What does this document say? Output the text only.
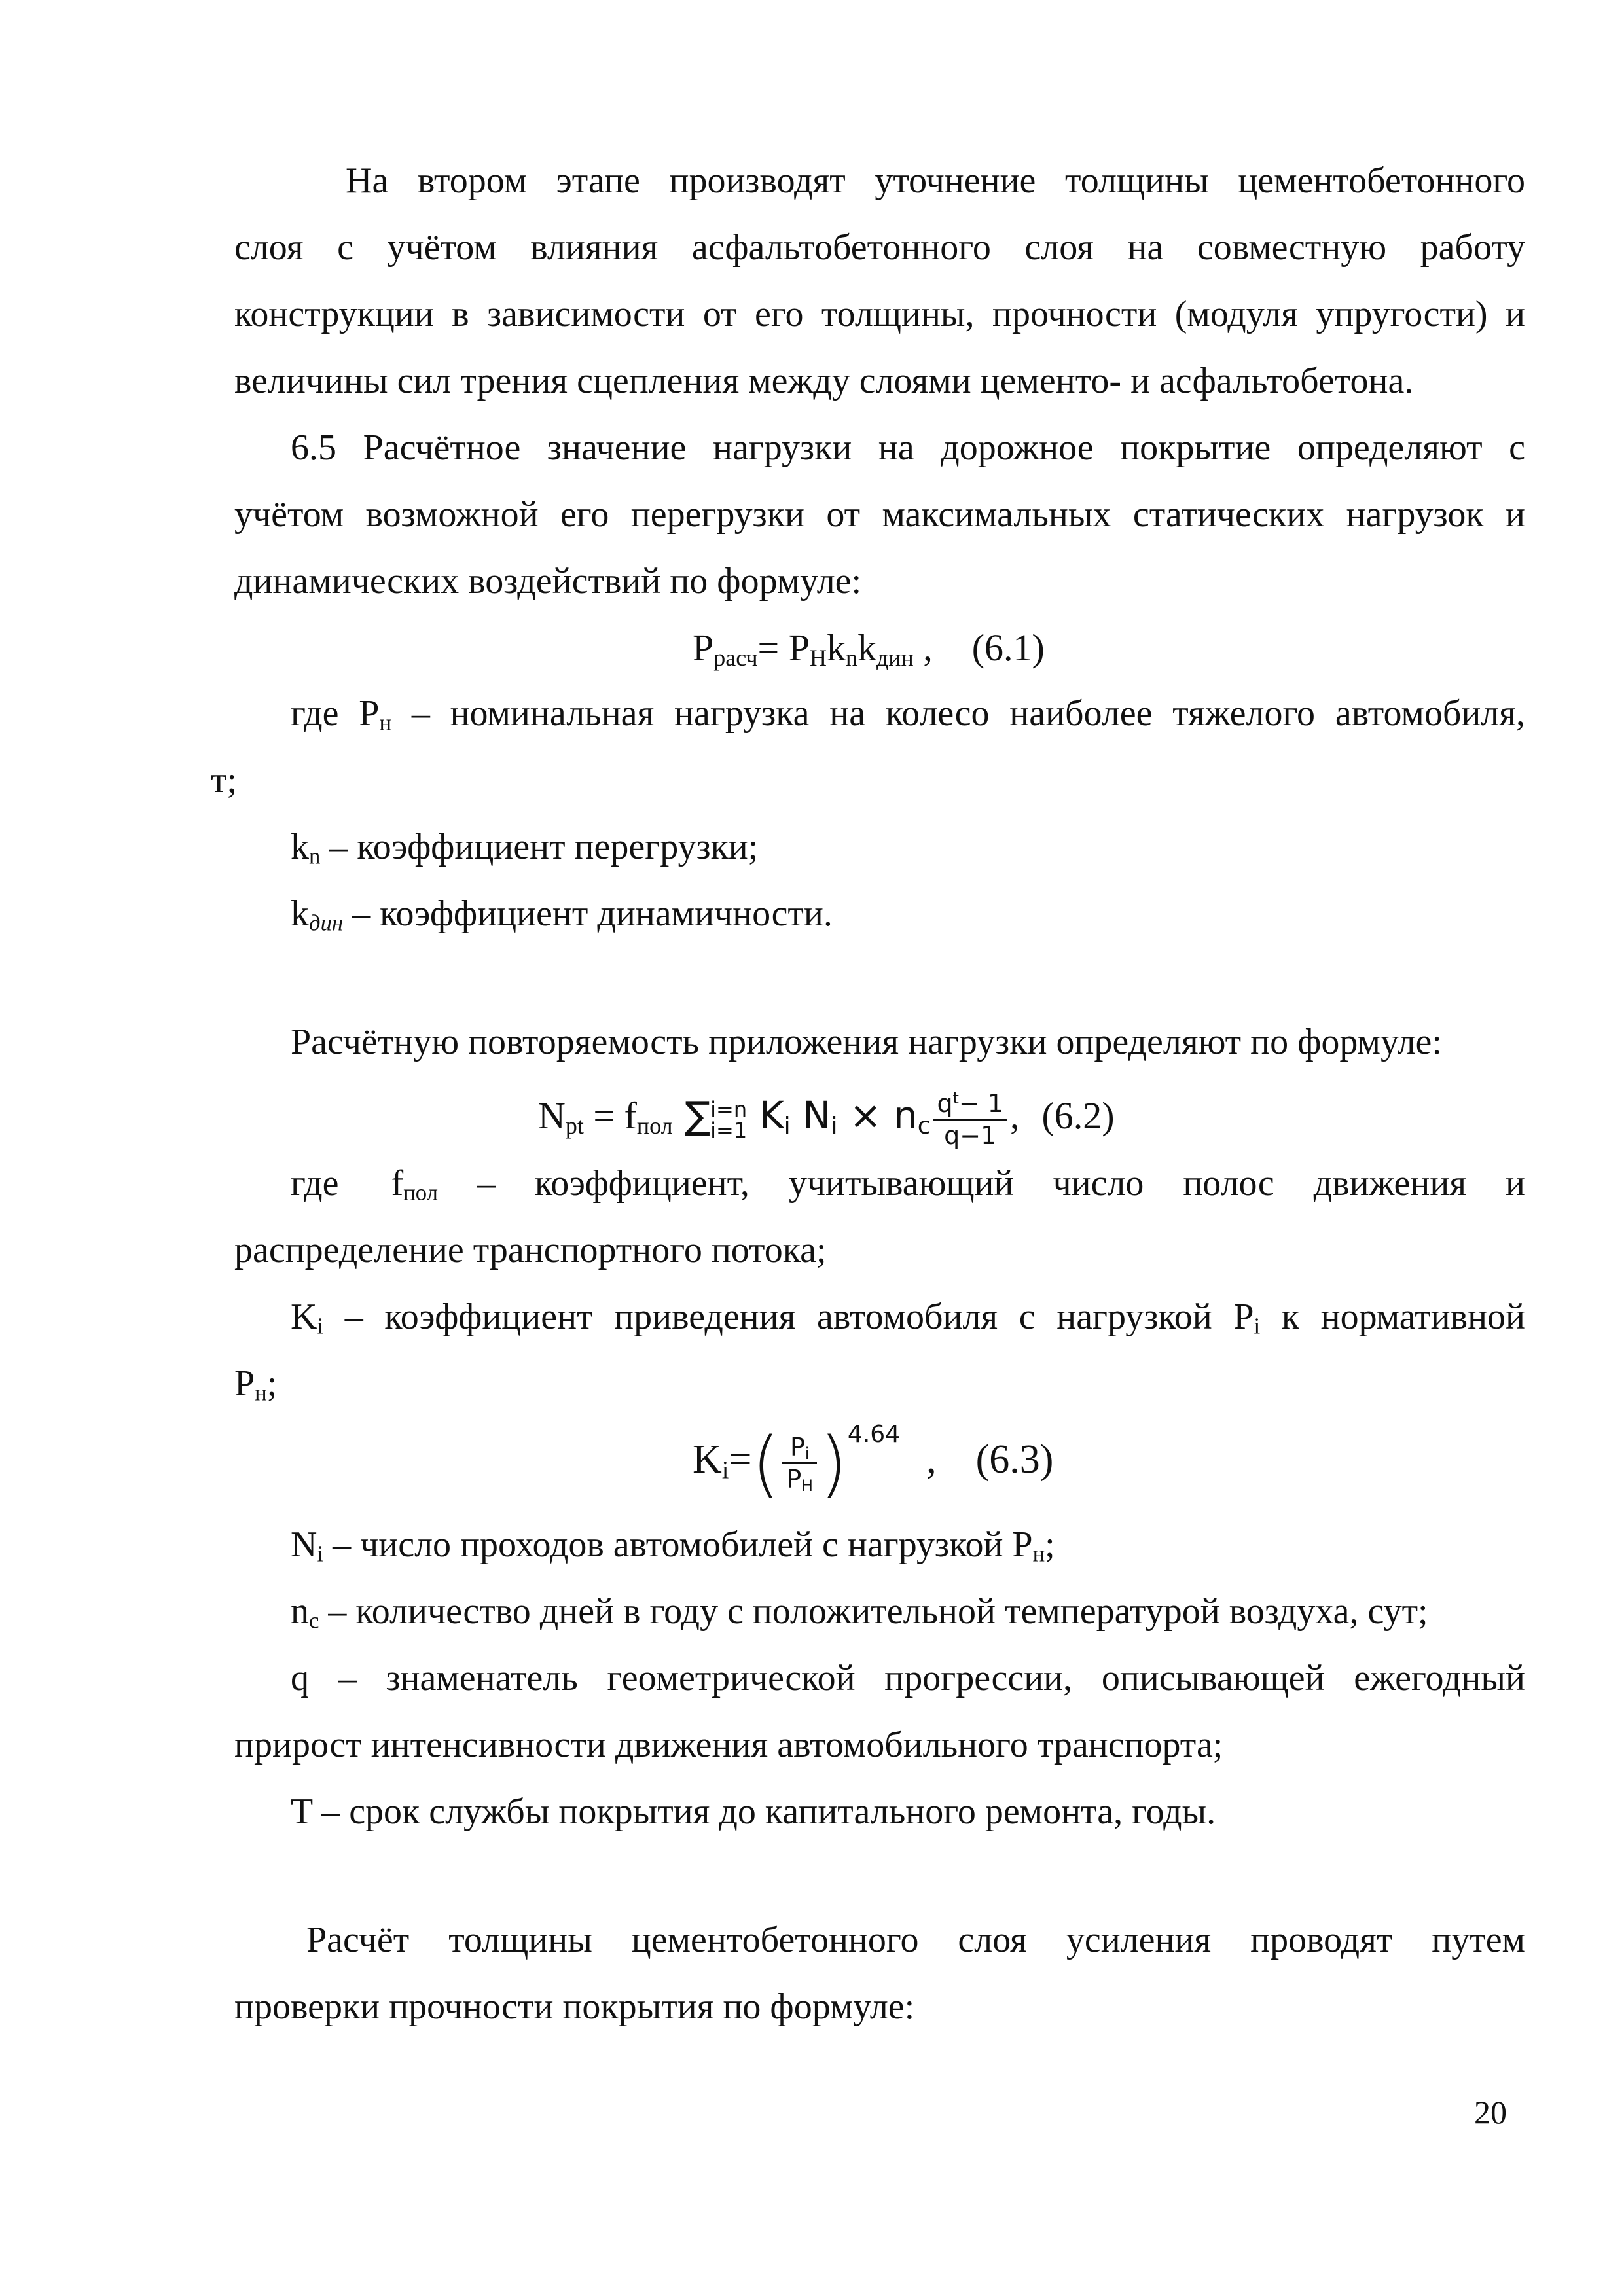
На втором этапе производят уточнение толщины цементобетонного
слоя с учётом влияния асфальтобетонного слоя на совместную работу
конструкции в зависимости от его толщины, прочности (модуля упругости) и
величины сил трения сцепления между слоями цементо- и асфальтобетона.
6.5 Расчётное значение нагрузки на дорожное покрытие определяют с
учётом возможной его перегрузки от максимальных статических нагрузок и
динамических воздействий по формуле:
$P_{расч}= P_Hk_nk_{дин}$ , (6.1)
где $P_н$ – номинальная нагрузка на колесо наиболее тяжелого автомобиля,
т;
$k_n$ – коэффициент перегрузки;
$k_{дин}$ – коэффициент динамичности.
Расчётную повторяемость приложения нагрузки определяют по формуле:
$N_{pt} = f_{пол}$ ∑ i=n
i=1 $K_i$ $N_i \times n_c \frac{q^t- 1}{q-1}$ , (6.2)
где $f_{пол}$ – коэффициент, учитывающий число полос движения и
распределение транспортного потока;
$K_i$ – коэффициент приведения автомобиля с нагрузкой $P_i$ к нормативной
$P_н$;
$K_i=( \frac{P_i}{P_H} )^{4.64}$, (6.3)
$N_i$ – число проходов автомобилей с нагрузкой $P_н$;
$n_c$ – количество дней в году с положительной температурой воздуха, сут;
q – знаменатель геометрической прогрессии, описывающей ежегодный
прирост интенсивности движения автомобильного транспорта;
T – срок службы покрытия до капитального ремонта, годы.
Расчёт толщины цементобетонного слоя усиления проводят путем
проверки прочности покрытия по формуле:
20
